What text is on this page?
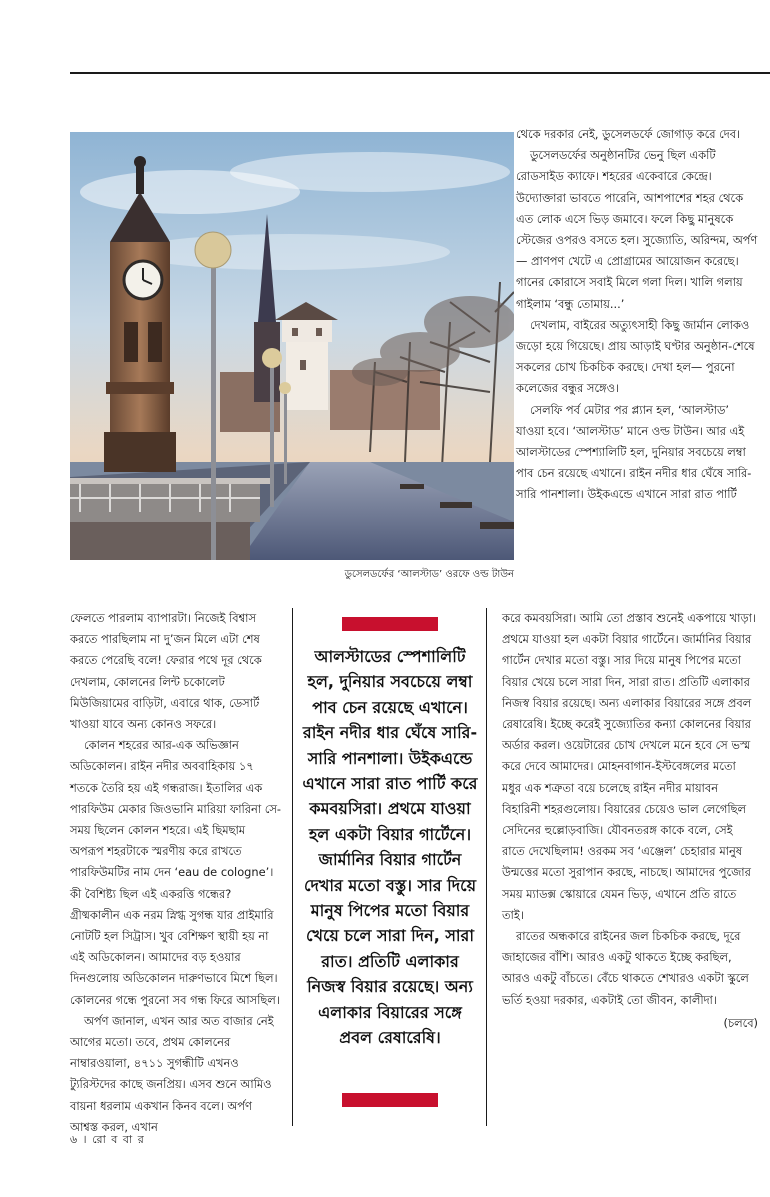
ডুসেলডর্ফের ‘আলস্টাড’ ওরফে ওল্ড টাউন

থেকে দরকার নেই, ডুসেলডর্ফে জোগাড় করে দেব।

ডুসেলডর্ফের অনুষ্ঠানটির ভেনু ছিল একটি রোডসাইড ক্যাফে। শহরের একেবারে কেন্দ্রে। উদ্যোক্তারা ভাবতে পারেনি, আশপাশের শহর থেকে এত লোক এসে ভিড় জমাবে। ফলে কিছু মানুষকে স্টেজের ওপরও বসতে হল। সুজ্যোতি, অরিন্দম, অর্পণ— প্রাণপণ খেটে এ প্রোগ্রামের আয়োজন করেছে। গানের কোরাসে সবাই মিলে গলা দিল। খালি গলায় গাইলাম ‘বন্ধু তোমায়...’

দেখলাম, বাইরের অত্যুৎসাহী কিছু জার্মান লোকও জড়ো হয়ে গিয়েছে। প্রায় আড়াই ঘণ্টার অনুষ্ঠান-শেষে সকলের চোখ চিকচিক করছে। দেখা হল— পুরনো কলেজের বন্ধুর সঙ্গেও।

সেলফি পর্ব মেটার পর প্ল্যান হল, ‘আলস্টাড’ যাওয়া হবে। ‘আলস্টাড’ মানে ওল্ড টাউন। আর এই আলস্টাডের স্পেশ্যালিটি হল, দুনিয়ার সবচেয়ে লম্বা পাব চেন রয়েছে এখানে। রাইন নদীর ধার ঘেঁষে সারি-সারি পানশালা। উইকএন্ডে এখানে সারা রাত পার্টি

ফেলতে পারলাম ব্যাপারটা। নিজেই বিশ্বাস করতে পারছিলাম না দু’জন মিলে এটা শেষ করতে পেরেছি বলে! ফেরার পথে দূর থেকে দেখলাম, কোলনের লিন্ট চকোলেট মিউজিয়ামের বাড়িটা, এবারে থাক, ডেসার্ট খাওয়া যাবে অন্য কোনও সফরে।

কোলন শহরের আর-এক অভিজ্ঞান অডিকোলন। রাইন নদীর অববাহিকায় ১৭ শতকে তৈরি হয় এই গন্ধরাজ। ইতালির এক পারফিউম মেকার জিওভানি মারিয়া ফারিনা সে-সময় ছিলেন কোলন শহরে। এই ছিমছাম অপরূপ শহরটাকে স্মরণীয় করে রাখতে পারফিউমটির নাম দেন ‘eau de cologne’। কী বৈশিষ্ট্য ছিল এই একরত্তি গন্ধের? গ্রীষ্মকালীন এক নরম স্নিগ্ধ সুগন্ধ যার প্রাইমারি নোটটি হল সিট্রাস। খুব বেশিক্ষণ স্থায়ী হয় না এই অডিকোলন। আমাদের বড় হওয়ার দিনগুলোয় অডিকোলন দারুণভাবে মিশে ছিল। কোলনের গন্ধে পুরনো সব গন্ধ ফিরে আসছিল।

অর্পণ জানাল, এখন আর অত বাজার নেই আগের মতো। তবে, প্রথম কোলনের নাম্বারওয়ালা, ৪৭১১ সুগন্ধীটি এখনও ট্যুরিস্টদের কাছে জনপ্রিয়। এসব শুনে আমিও বায়না ধরলাম একখান কিনব বলে। অর্পণ আশ্বস্ত করল, এখান

আলস্টাডের স্পেশালিটি হল, দুনিয়ার সবচেয়ে লম্বা পাব চেন রয়েছে এখানে। রাইন নদীর ধার ঘেঁষে সারি-সারি পানশালা। উইকএন্ডে এখানে সারা রাত পার্টি করে কমবয়সিরা। প্রথমে যাওয়া হল একটা বিয়ার গার্টেনে। জার্মানির বিয়ার গার্টেন দেখার মতো বস্তু। সার দিয়ে মানুষ পিপের মতো বিয়ার খেয়ে চলে সারা দিন, সারা রাত। প্রতিটি এলাকার নিজস্ব বিয়ার রয়েছে। অন্য এলাকার বিয়ারের সঙ্গে প্রবল রেষারেষি।

করে কমবয়সিরা। আমি তো প্রস্তাব শুনেই একপায়ে খাড়া। প্রথমে যাওয়া হল একটা বিয়ার গার্টেনে। জার্মানির বিয়ার গার্টেন দেখার মতো বস্তু। সার দিয়ে মানুষ পিপের মতো বিয়ার খেয়ে চলে সারা দিন, সারা রাত। প্রতিটি এলাকার নিজস্ব বিয়ার রয়েছে। অন্য এলাকার বিয়ারের সঙ্গে প্রবল রেষারেষি। ইচ্ছে করেই সুজ্যোতির কন্যা কোলনের বিয়ার অর্ডার করল। ওয়েটারের চোখ দেখলে মনে হবে সে ভস্ম করে দেবে আমাদের। মোহনবাগান-ইস্টবেঙ্গলের মতো মধুর এক শত্রুতা বয়ে চলেছে রাইন নদীর মায়াবন বিহারিনী শহরগুলোয়। বিয়ারের চেয়েও ভাল লেগেছিল সেদিনের হুল্লোড়বাজি। যৌবনতরঙ্গ কাকে বলে, সেই রাতে দেখেছিলাম! ওরকম সব ‘এঞ্জেল’ চেহারার মানুষ উন্মত্তের মতো সুরাপান করছে, নাচছে। আমাদের পুজোর সময় ম্যাডক্স স্কোয়ারে যেমন ভিড়, এখানে প্রতি রাতে তাই।

রাতের অন্ধকারে রাইনের জল চিকচিক করছে, দূরে জাহাজের বাঁশি। আরও একটু থাকতে ইচ্ছে করছিল, আরও একটু বাঁচতে। বেঁচে থাকতে শেখারও একটা স্কুলে ভর্তি হওয়া দরকার, একটাই তো জীবন, কালীদা।

(চলবে)

৬ । রো ব বা র
